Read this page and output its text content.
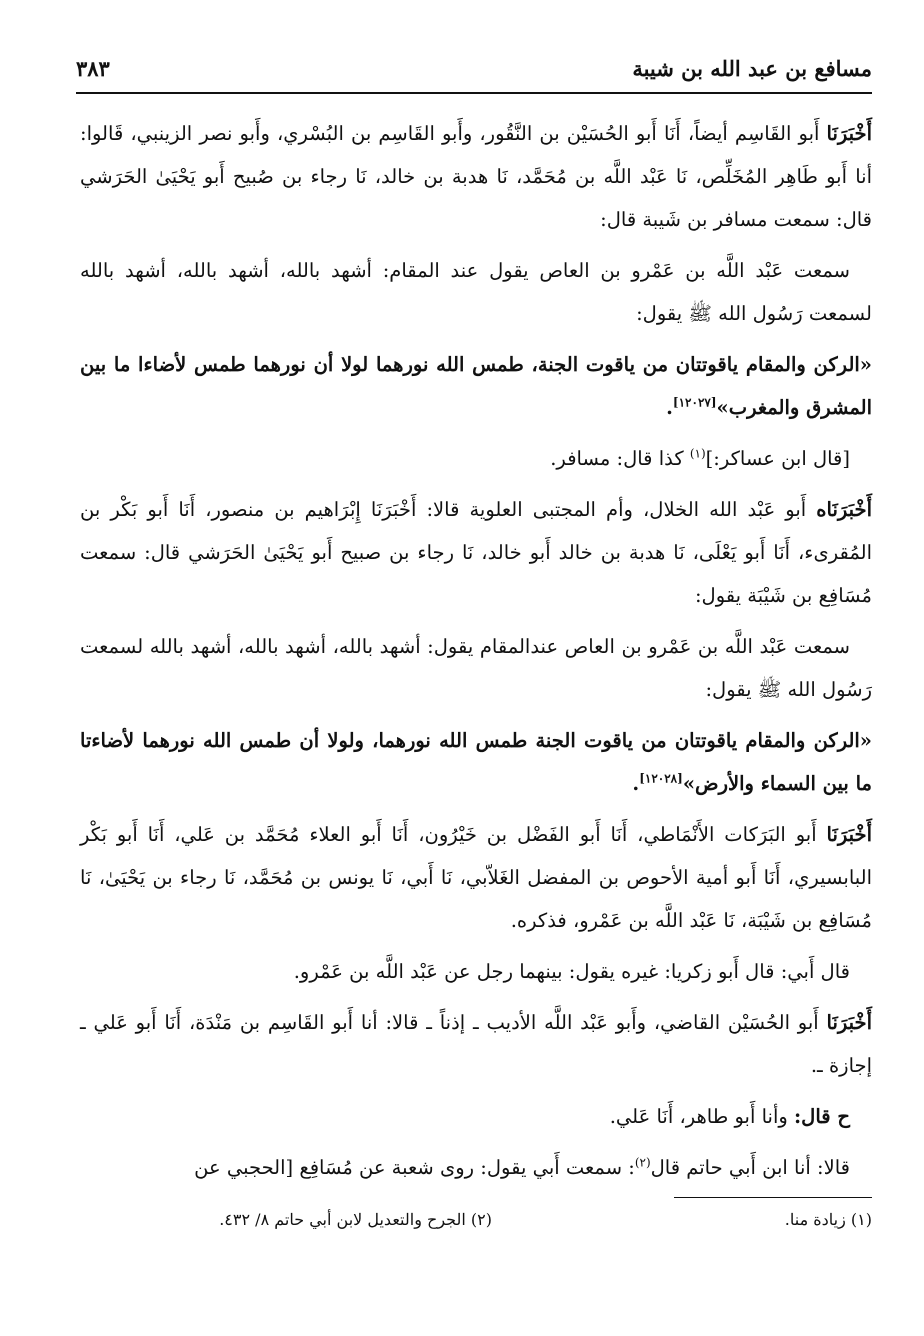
مسافع بن عبد الله بن شيبة
٣٨٣

أَخْبَرَنَا أَبو القَاسِم أيضاً، أَنَا أَبو الحُسَيْن بن النَّقُور، وأَبو القَاسِم بن البُسْري، وأَبو نصر الزينبي، قَالوا: أنا أَبو طَاهِر المُخَلِّص، نَا عَبْد اللَّه بن مُحَمَّد، نَا هدبة بن خالد، نَا رجاء بن صُبيح أَبو يَحْيَىٰ الحَرَشي قال: سمعت مسافر بن شَيبة قال:

سمعت عَبْد اللَّه بن عَمْرو بن العاص يقول عند المقام: أشهد بالله، أشهد بالله، أشهد بالله لسمعت رَسُول الله ﷺ يقول:

«الركن والمقام ياقوتتان من ياقوت الجنة، طمس الله نورهما لولا أن نورهما طمس لأضاءا ما بين المشرق والمغرب»[١٢٠٢٧].

[قال ابن عساكر:]$^{(١)}$ كذا قال: مسافر.

أَخْبَرَنَاه أَبو عَبْد الله الخلال، وأم المجتبى العلوية قالا: أَخْبَرَنَا إِبْرَاهيم بن منصور، أَنَا أَبو بَكْر بن المُقرىء، أَنَا أَبو يَعْلَى، نَا هدبة بن خالد أَبو خالد، نَا رجاء بن صبيح أَبو يَحْيَىٰ الحَرَشي قال: سمعت مُسَافِع بن شَيْبَة يقول:

سمعت عَبْد اللَّه بن عَمْرو بن العاص عندالمقام يقول: أشهد بالله، أشهد بالله، أشهد بالله لسمعت رَسُول الله ﷺ يقول:

«الركن والمقام ياقوتتان من ياقوت الجنة طمس الله نورهما، ولولا أن طمس الله نورهما لأضاءتا ما بين السماء والأرض»[١٢٠٢٨].

أَخْبَرَنَا أَبو البَرَكات الأَنْمَاطي، أَنَا أَبو الفَضْل بن خَيْرُون، أَنَا أَبو العلاء مُحَمَّد بن عَلي، أَنَا أَبو بَكْر البابسيري، أَنَا أَبو أمية الأحوص بن المفضل الغَلاّبي، نَا أَبي، نَا يونس بن مُحَمَّد، نَا رجاء بن يَحْيَىٰ، نَا مُسَافِع بن شَيْبَة، نَا عَبْد اللَّه بن عَمْرو، فذكره.

قال أَبي: قال أَبو زكريا: غيره يقول: بينهما رجل عن عَبْد اللَّه بن عَمْرو.

أَخْبَرَنَا أَبو الحُسَيْن القاضي، وأَبو عَبْد اللَّه الأديب ـ إذناً ـ قالا: أنا أَبو القَاسِم بن مَنْدَة، أَنَا أَبو عَلي ـ إجازة ـ.

ح قال: وأنا أَبو طاهر، أَنَا عَلي.

قالا: أنا ابن أَبي حاتم قال$^{(٢)}$: سمعت أَبي يقول: روى شعبة عن مُسَافِع [الحجبي عن

(١) زيادة منا.
(٢) الجرح والتعديل لابن أبي حاتم ٨/ ٤٣٢.
